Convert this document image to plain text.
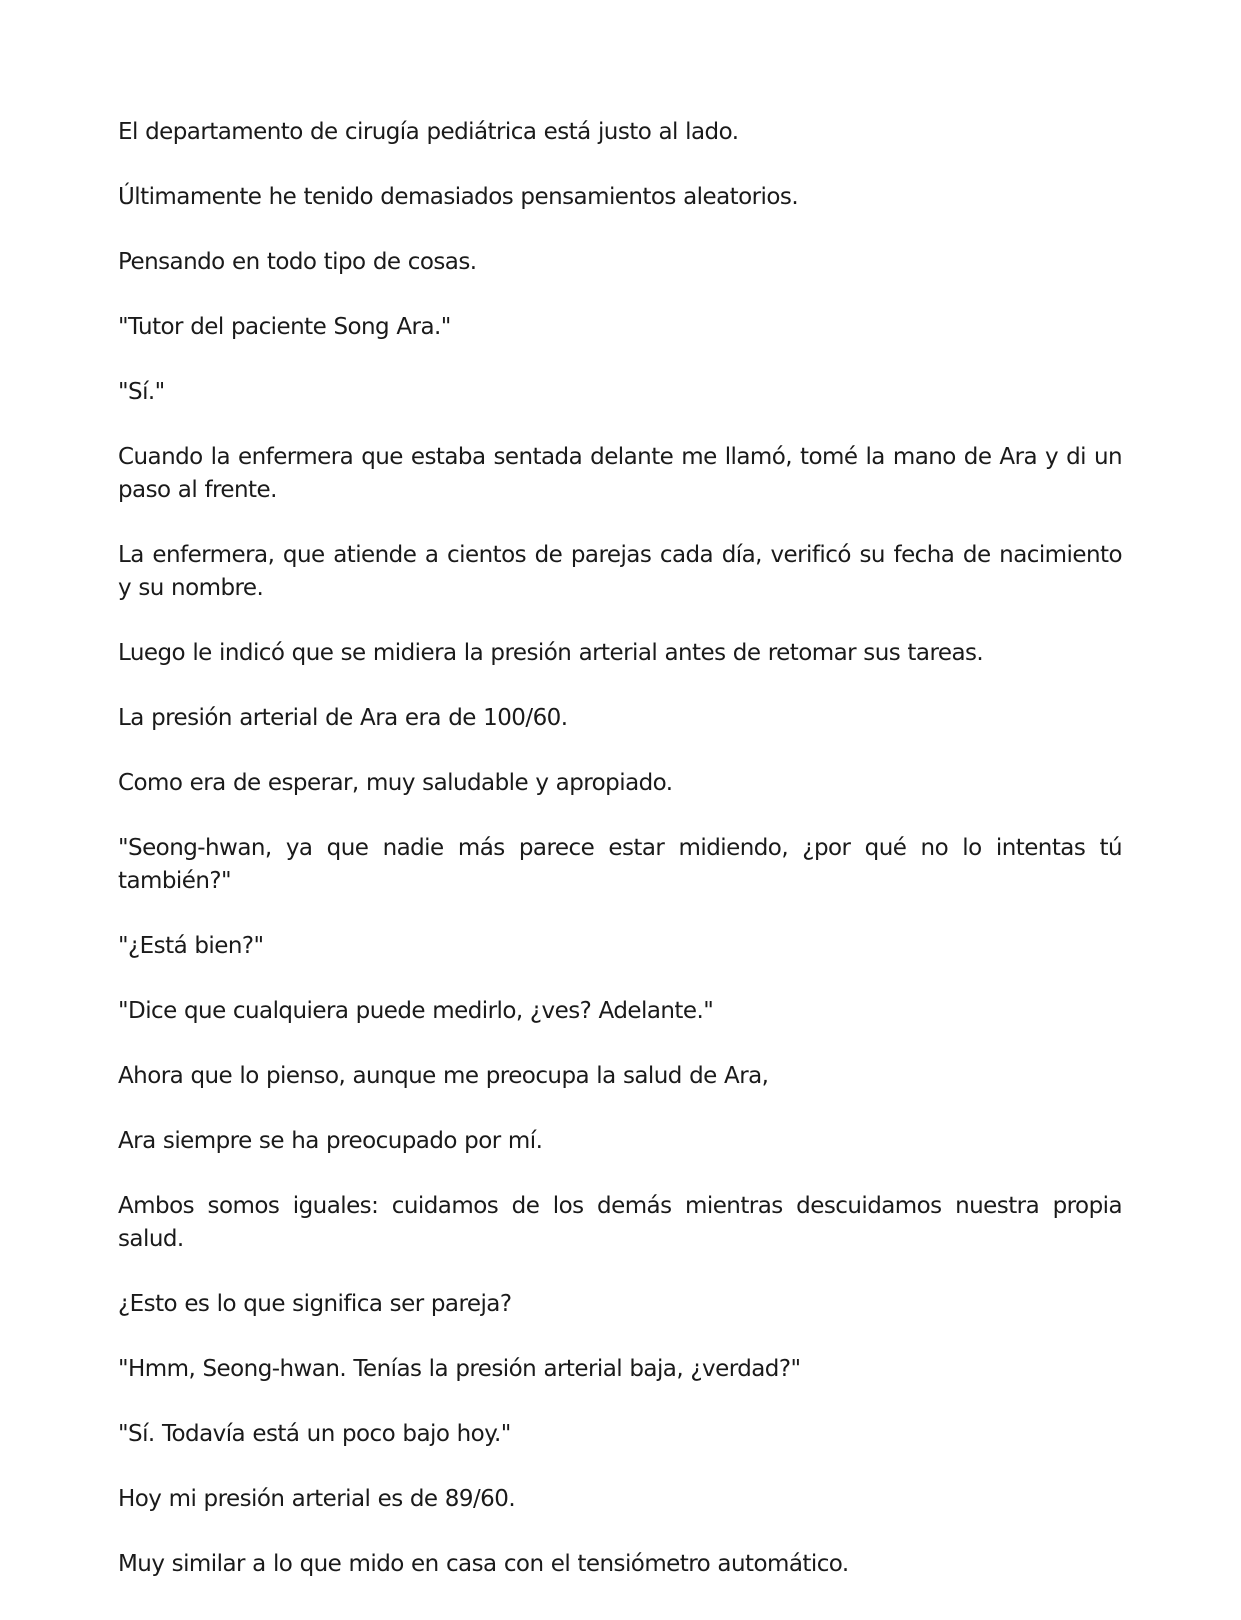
El departamento de cirugía pediátrica está justo al lado.

Últimamente he tenido demasiados pensamientos aleatorios.

Pensando en todo tipo de cosas.

"Tutor del paciente Song Ara."

"Sí."

Cuando la enfermera que estaba sentada delante me llamó, tomé la mano de Ara y di un paso al frente.

La enfermera, que atiende a cientos de parejas cada día, verificó su fecha de nacimiento y su nombre.

Luego le indicó que se midiera la presión arterial antes de retomar sus tareas.

La presión arterial de Ara era de 100/60.

Como era de esperar, muy saludable y apropiado.

"Seong-hwan, ya que nadie más parece estar midiendo, ¿por qué no lo intentas tú también?"

"¿Está bien?"

"Dice que cualquiera puede medirlo, ¿ves? Adelante."

Ahora que lo pienso, aunque me preocupa la salud de Ara,

Ara siempre se ha preocupado por mí.

Ambos somos iguales: cuidamos de los demás mientras descuidamos nuestra propia salud.

¿Esto es lo que significa ser pareja?

"Hmm, Seong-hwan. Tenías la presión arterial baja, ¿verdad?"

"Sí. Todavía está un poco bajo hoy."

Hoy mi presión arterial es de 89/60.

Muy similar a lo que mido en casa con el tensiómetro automático.
